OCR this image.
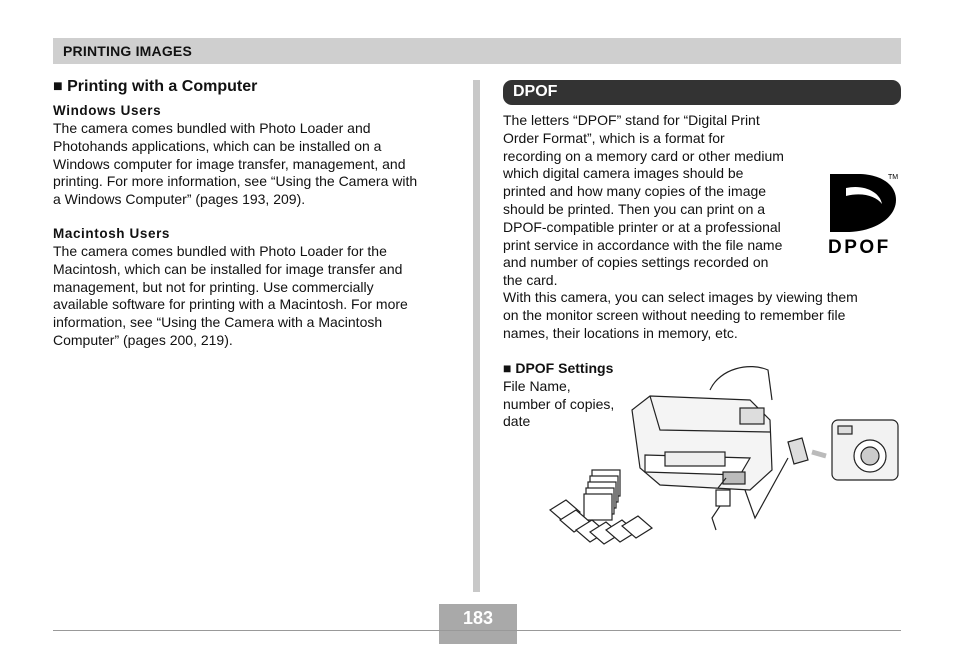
PRINTING IMAGES

■ Printing with a Computer

Windows Users

The camera comes bundled with Photo Loader and
Photohands applications, which can be installed on a
Windows computer for image transfer, management, and
printing. For more information, see “Using the Camera with
a Windows Computer” (pages 193, 209).

Macintosh Users

The camera comes bundled with Photo Loader for the
Macintosh, which can be installed for image transfer and
management, but not for printing. Use commercially
available software for printing with a Macintosh. For more
information, see “Using the Camera with a Macintosh
Computer” (pages 200, 219).

DPOF
The letters “DPOF” stand for “Digital Print
Order Format”, which is a format for
recording on a memory card or other medium
which digital camera images should be
printed and how many copies of the image
should be printed. Then you can print on a
DPOF-compatible printer or at a professional
print service in accordance with the file name
and number of copies settings recorded on
the card.
With this camera, you can select images by viewing them
on the monitor screen without needing to remember file
names, their locations in memory, etc.
TM
DPOF
■ DPOF Settings
File Name,
number of copies,
date
183
